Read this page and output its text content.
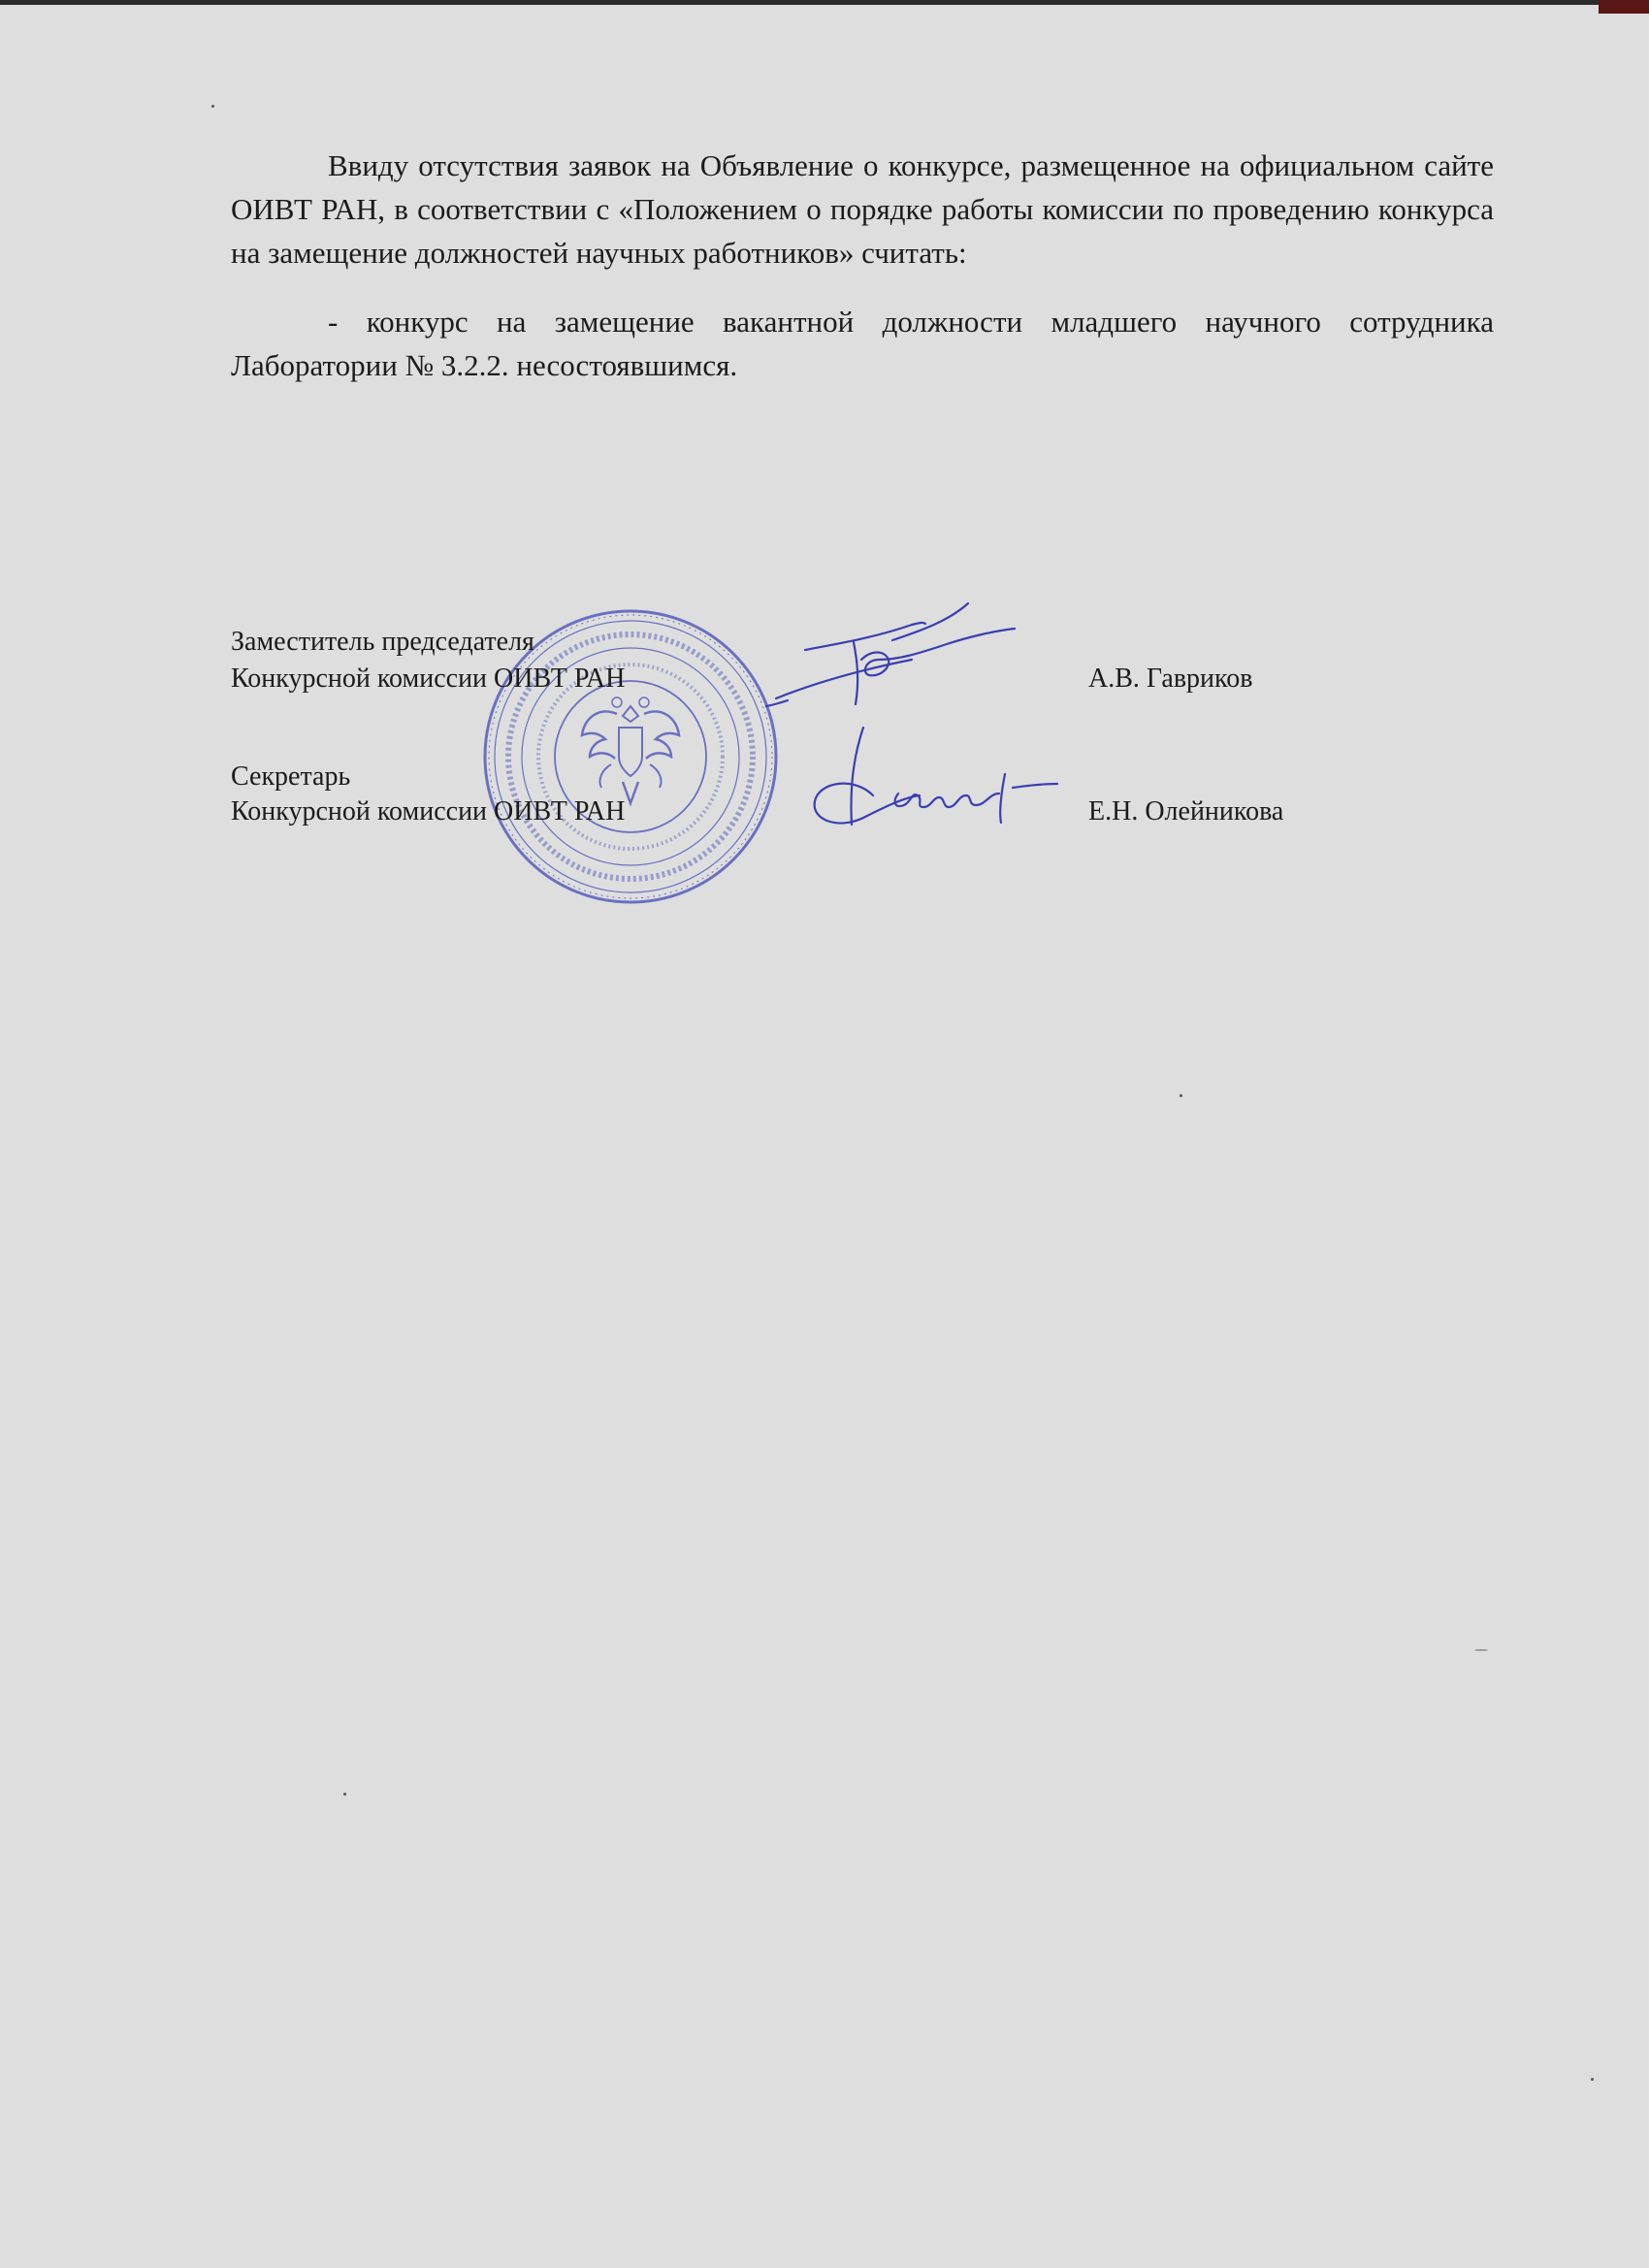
Ввиду отсутствия заявок на Объявление о конкурсе, размещенное на официальном сайте ОИВТ РАН, в соответствии с «Положением о порядке работы комиссии по проведению конкурса на замещение должностей научных работников» считать:

- конкурс на замещение вакантной должности младшего научного сотрудника Лаборатории № 3.2.2. несостоявшимся.

Заместитель председателя
Конкурсной комиссии ОИВТ РАН	А.В. Гавриков
Секретарь
Конкурсной комиссии ОИВТ РАН	Е.Н. Олейникова
